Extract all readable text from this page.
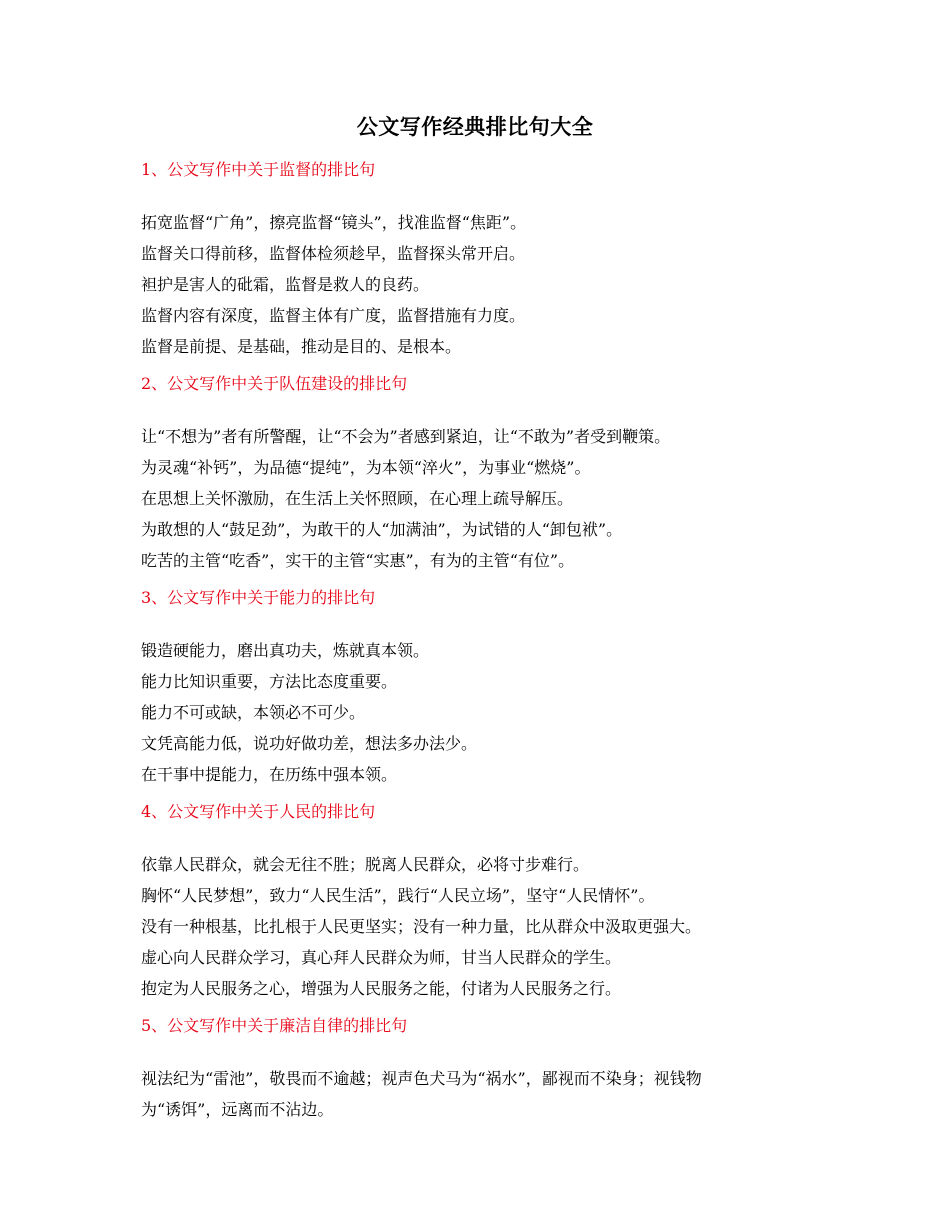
公文写作经典排比句大全
1、公文写作中关于监督的排比句
拓宽监督“广角”，擦亮监督“镜头”，找准监督“焦距”。
监督关口得前移，监督体检须趁早，监督探头常开启。
袒护是害人的砒霜，监督是救人的良药。
监督内容有深度，监督主体有广度，监督措施有力度。
监督是前提、是基础，推动是目的、是根本。
2、公文写作中关于队伍建设的排比句
让“不想为”者有所警醒，让“不会为”者感到紧迫，让“不敢为”者受到鞭策。
为灵魂“补钙”，为品德“提纯”，为本领“淬火”，为事业“燃烧”。
在思想上关怀激励，在生活上关怀照顾，在心理上疏导解压。
为敢想的人“鼓足劲”，为敢干的人“加满油”，为试错的人“卸包袱”。
吃苦的主管“吃香”，实干的主管“实惠”，有为的主管“有位”。
3、公文写作中关于能力的排比句
锻造硬能力，磨出真功夫，炼就真本领。
能力比知识重要，方法比态度重要。
能力不可或缺，本领必不可少。
文凭高能力低，说功好做功差，想法多办法少。
在干事中提能力，在历练中强本领。
4、公文写作中关于人民的排比句
依靠人民群众，就会无往不胜；脱离人民群众，必将寸步难行。
胸怀“人民梦想”，致力“人民生活”，践行“人民立场”，坚守“人民情怀”。
没有一种根基，比扎根于人民更坚实；没有一种力量，比从群众中汲取更强大。
虚心向人民群众学习，真心拜人民群众为师，甘当人民群众的学生。
抱定为人民服务之心，增强为人民服务之能，付诸为人民服务之行。
5、公文写作中关于廉洁自律的排比句
视法纪为“雷池”，敬畏而不逾越；视声色犬马为“祸水”，鄙视而不染身；视钱物
为“诱饵”，远离而不沾边。
